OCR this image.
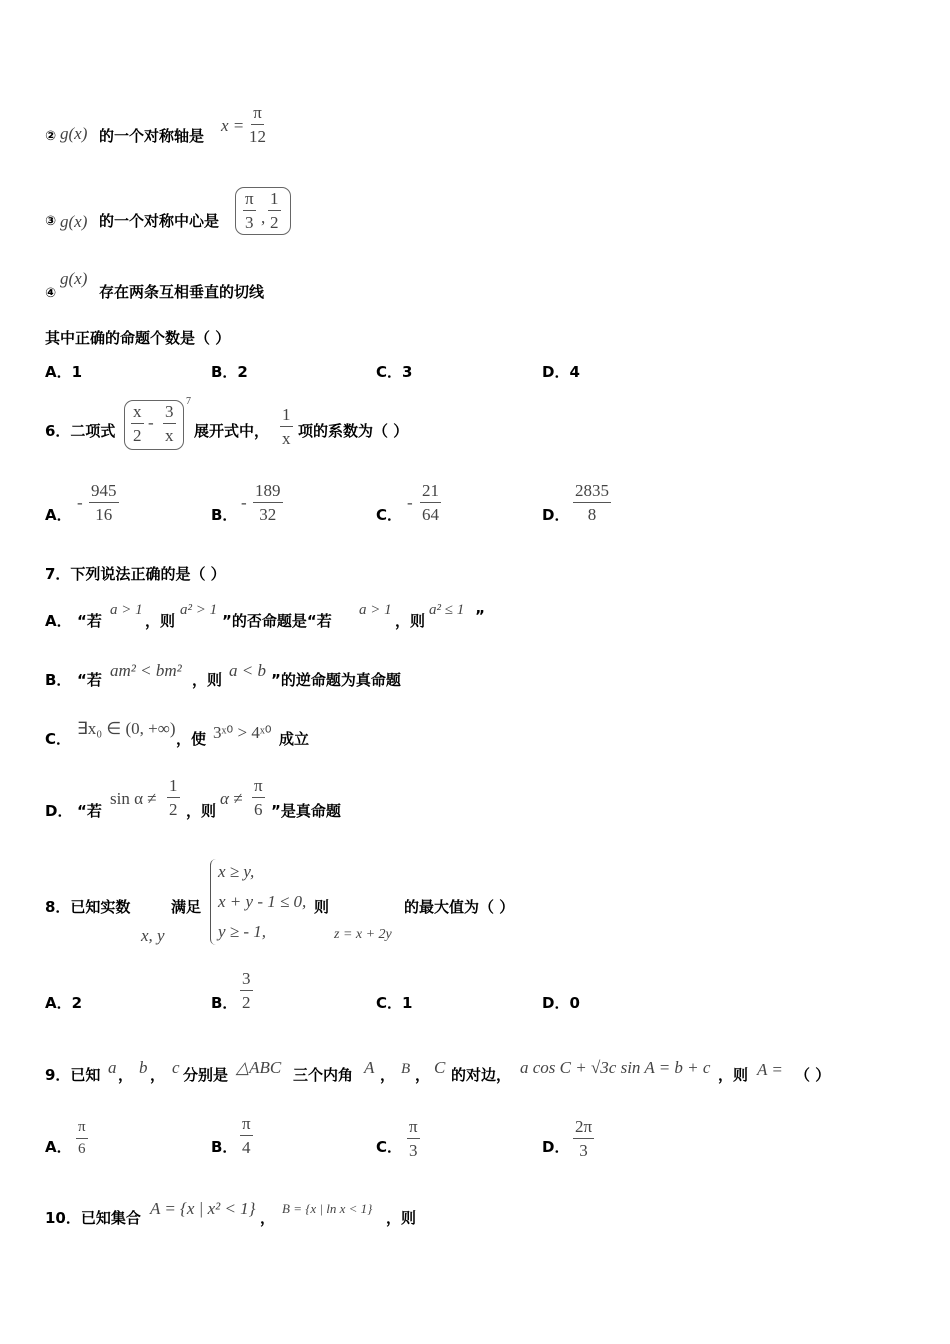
② g(x) 的一个对称轴是
$x = \frac{\pi}{12}$
③ g(x) 的一个对称中心是 $\frac{\pi}{3}$ , $\frac{1}{2}$
④
g(x)
存在两条互相垂直的切线
其中正确的命题个数是（ ）
A．1	B．2	C．3	D．4
6．二项式 $\frac{x}{2} - \frac{3}{x}$
7
展开式中， $\frac{1}{x}$ 项的系数为（ ）
A．
- $\frac{945}{16}$	B．
- $\frac{189}{32}$	C．
- $\frac{21}{64}$	D． $\frac{2835}{8}$
7．下列说法正确的是（ ）
A． “若
a > 1
，则
a² > 1
”的否命题是“若
a > 1
，则
a² ≤ 1 ”
B． “若 am² < bm² ，则 a < b ”的逆命题为真命题
C．
∃x₀ ∈ (0, +∞)
，使 3ˣ⁰ > 4ˣ⁰ 成立
D． “若
$\sin \alpha \ne \frac{1}{2}$ ，则
$\alpha \ne \frac{\pi}{6}$ ”是真命题
8．已知实数
x, y
满足
x ≥ y,
x + y - 1 ≤ 0,
y ≥ - 1,
则
z = x + 2y
的最大值为（ ）
A．2	B． $\frac{3}{2}$	C．1	D．0
9．已知 a ， b ， c 分别是 △ABC 三个内角 A ， B ， C 的对边， a cos C + √3c sin A = b + c ，则 A = （ ）
A． $\frac{\pi}{6}$	B． $\frac{\pi}{4}$	C． $\frac{\pi}{3}$	D． $\frac{2\pi}{3}$
10．已知集合 A = {x | x² < 1} ，
B = {x | ln x < 1}
，则
